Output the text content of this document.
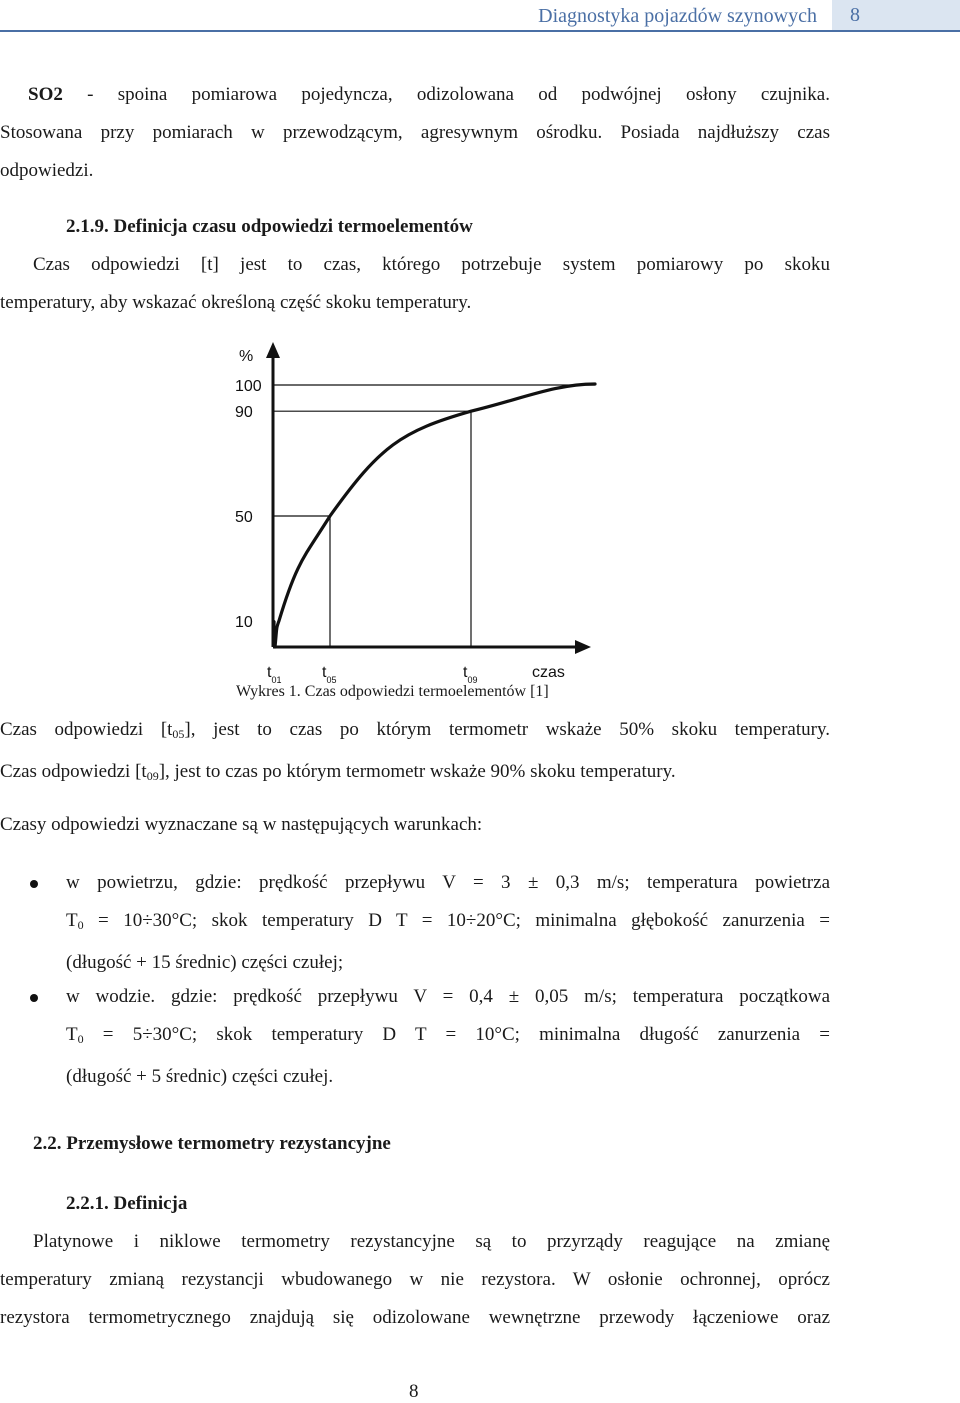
Diagnostyka pojazdów szynowych	8
SO2 - spoina pomiarowa pojedyncza, odizolowana od podwójnej osłony czujnika.
Stosowana przy pomiarach w przewodzącym, agresywnym ośrodku. Posiada najdłuższy czas
odpowiedzi.
2.1.9. Definicja czasu odpowiedzi termoelementów
Czas odpowiedzi [t] jest to czas, którego potrzebuje system pomiarowy po skoku
temperatury, aby wskazać określoną część skoku temperatury.
%
100
90
50
10
$t_{01}$	$t_{05}$	$t_{09}$	czas
Wykres 1. Czas odpowiedzi termoelementów [1]
Czas odpowiedzi $[t_{05}]$, jest to czas po którym termometr wskaże 50% skoku temperatury.
Czas odpowiedzi $[t_{09}]$, jest to czas po którym termometr wskaże 90% skoku temperatury.
Czasy odpowiedzi wyznaczane są w następujących warunkach:
w powietrzu, gdzie: prędkość przepływu V = 3 ± 0,3 m/s; temperatura powietrza
$T_0 = 10\div 30^\circ C$; skok temperatury D T = 10÷20°C; minimalna głębokość zanurzenia =
(długość + 15 średnic) części czułej;
w wodzie. gdzie: prędkość przepływu V = 0,4 ± 0,05 m/s; temperatura początkowa
$T_0 = 5\div 30^\circ C$; skok temperatury D T = 10°C; minimalna długość zanurzenia =
(długość + 5 średnic) części czułej.
2.2. Przemysłowe termometry rezystancyjne
2.2.1. Definicja
Platynowe i niklowe termometry rezystancyjne są to przyrządy reagujące na zmianę
temperatury zmianą rezystancji wbudowanego w nie rezystora. W osłonie ochronnej, oprócz
rezystora termometrycznego znajdują się odizolowane wewnętrzne przewody łączeniowe oraz
8
